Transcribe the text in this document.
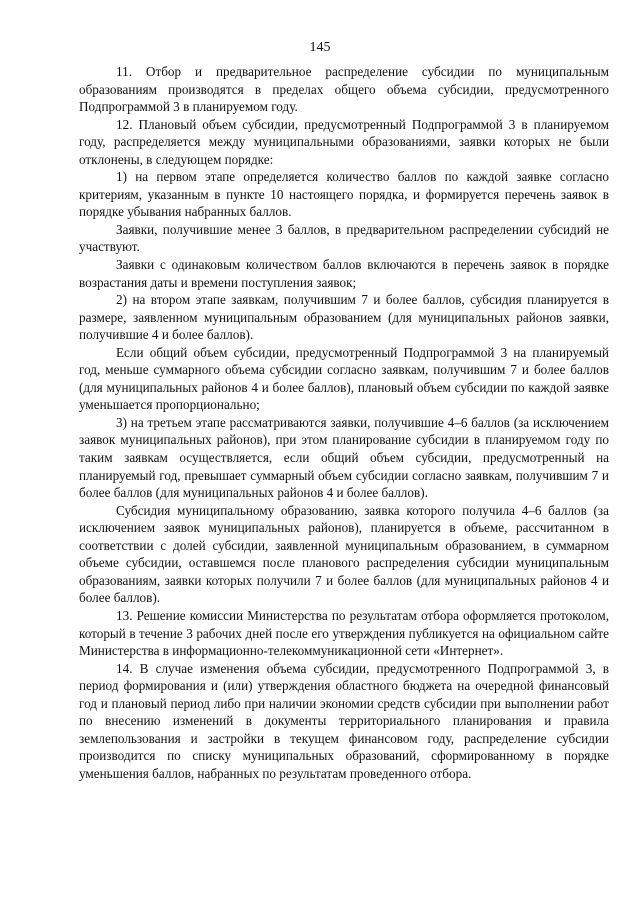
145

11. Отбор и предварительное распределение субсидии по муниципальным образованиям производятся в пределах общего объема субсидии, предусмотренного Подпрограммой 3 в планируемом году.

12. Плановый объем субсидии, предусмотренный Подпрограммой 3 в планируемом году, распределяется между муниципальными образованиями, заявки которых не были отклонены, в следующем порядке:

1) на первом этапе определяется количество баллов по каждой заявке согласно критериям, указанным в пункте 10 настоящего порядка, и формируется перечень заявок в порядке убывания набранных баллов.

Заявки, получившие менее 3 баллов, в предварительном распределении субсидий не участвуют.

Заявки с одинаковым количеством баллов включаются в перечень заявок в порядке возрастания даты и времени поступления заявок;

2) на втором этапе заявкам, получившим 7 и более баллов, субсидия планируется в размере, заявленном муниципальным образованием (для муниципальных районов заявки, получившие 4 и более баллов).

Если общий объем субсидии, предусмотренный Подпрограммой 3 на планируемый год, меньше суммарного объема субсидии согласно заявкам, получившим 7 и более баллов (для муниципальных районов 4 и более баллов), плановый объем субсидии по каждой заявке уменьшается пропорционально;

3) на третьем этапе рассматриваются заявки, получившие 4–6 баллов (за исключением заявок муниципальных районов), при этом планирование субсидии в планируемом году по таким заявкам осуществляется, если общий объем субсидии, предусмотренный на планируемый год, превышает суммарный объем субсидии согласно заявкам, получившим 7 и более баллов (для муниципальных районов 4 и более баллов).

Субсидия муниципальному образованию, заявка которого получила 4–6 баллов (за исключением заявок муниципальных районов), планируется в объеме, рассчитанном в соответствии с долей субсидии, заявленной муниципальным образованием, в суммарном объеме субсидии, оставшемся после планового распределения субсидии муниципальным образованиям, заявки которых получили 7 и более баллов (для муниципальных районов 4 и более баллов).

13. Решение комиссии Министерства по результатам отбора оформляется протоколом, который в течение 3 рабочих дней после его утверждения публикуется на официальном сайте Министерства в информационно-телекоммуникационной сети «Интернет».

14. В случае изменения объема субсидии, предусмотренного Подпрограммой 3, в период формирования и (или) утверждения областного бюджета на очередной финансовый год и плановый период либо при наличии экономии средств субсидии при выполнении работ по внесению изменений в документы территориального планирования и правила землепользования и застройки в текущем финансовом году, распределение субсидии производится по списку муниципальных образований, сформированному в порядке уменьшения баллов, набранных по результатам проведенного отбора.
